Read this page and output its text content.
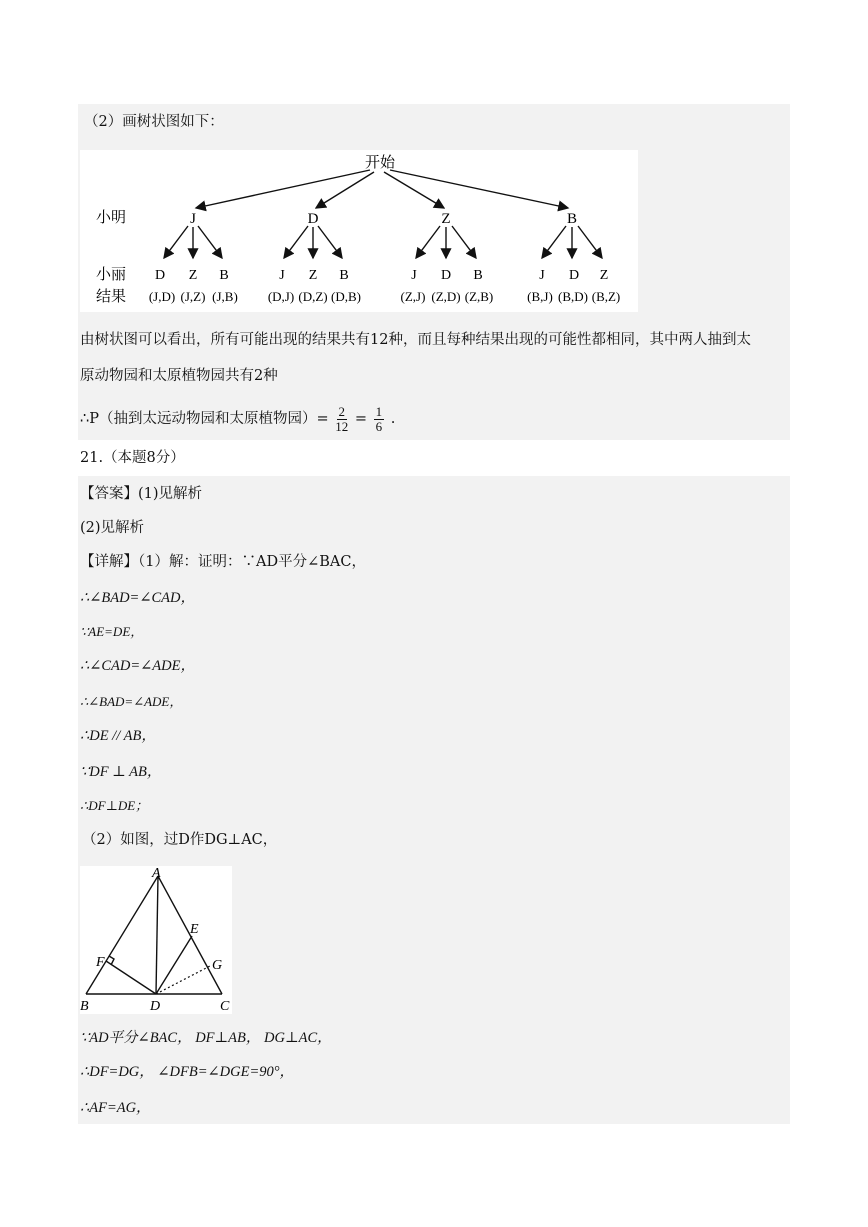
（2）画树状图如下：
开始
小明
小丽
结果
J	D	Z	B
D Z B	J Z B	J D B	J D Z
(J,D) (J,Z) (J,B) (D,J) (D,Z) (D,B)	(Z,J) (Z,D) (Z,B)	(B,J) (B,D) (B,Z)
由树状图可以看出，所有可能出现的结果共有12种，而且每种结果出现的可能性都相同，其中两人抽到太
原动物园和太原植物园共有2种
∴P（抽到太远动物园和太原植物园）= $\frac{2}{12} = \frac{1}{6}$ .
21.（本题8分）
【答案】(1)见解析
(2)见解析
【详解】（1）解：证明：∵AD平分∠BAC，
∴∠BAD=∠CAD，
∵AE=DE，
∴∠CAD=∠ADE，
∴∠BAD=∠ADE，
∴DE // AB，
∵DF ⊥ AB，
∴DF⊥DE；
（2）如图，过D作DG⊥AC，
A
B	C
D
E
F	G
∵AD平分∠BAC， DF⊥AB， DG⊥AC，
∴DF=DG， ∠DFB=∠DGE=90°，
∴AF=AG，
